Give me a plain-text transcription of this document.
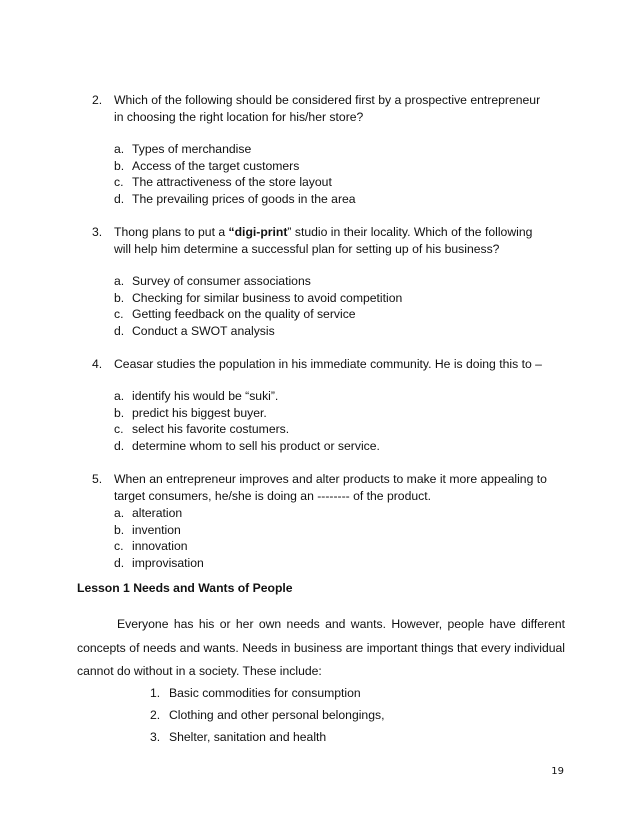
2. Which of the following should be considered first by a prospective entrepreneur
in choosing the right location for his/her store?
a. Types of merchandise
b. Access of the target customers
c. The attractiveness of the store layout
d. The prevailing prices of goods in the area
3. Thong plans to put a “digi-print” studio in their locality. Which of the following
will help him determine a successful plan for setting up of his business?
a. Survey of consumer associations
b. Checking for similar business to avoid competition
c. Getting feedback on the quality of service
d. Conduct a SWOT analysis
4. Ceasar studies the population in his immediate community. He is doing this to –
a. identify his would be “suki”.
b. predict his biggest buyer.
c. select his favorite costumers.
d. determine whom to sell his product or service.
5. When an entrepreneur improves and alter products to make it more appealing to
target consumers, he/she is doing an -------- of the product.
a. alteration
b. invention
c. innovation
d. improvisation
Lesson 1 Needs and Wants of People
Everyone has his or her own needs and wants. However, people have different concepts of needs and wants. Needs in business are important things that every individual cannot do without in a society. These include:
1. Basic commodities for consumption
2. Clothing and other personal belongings,
3. Shelter, sanitation and health
19
